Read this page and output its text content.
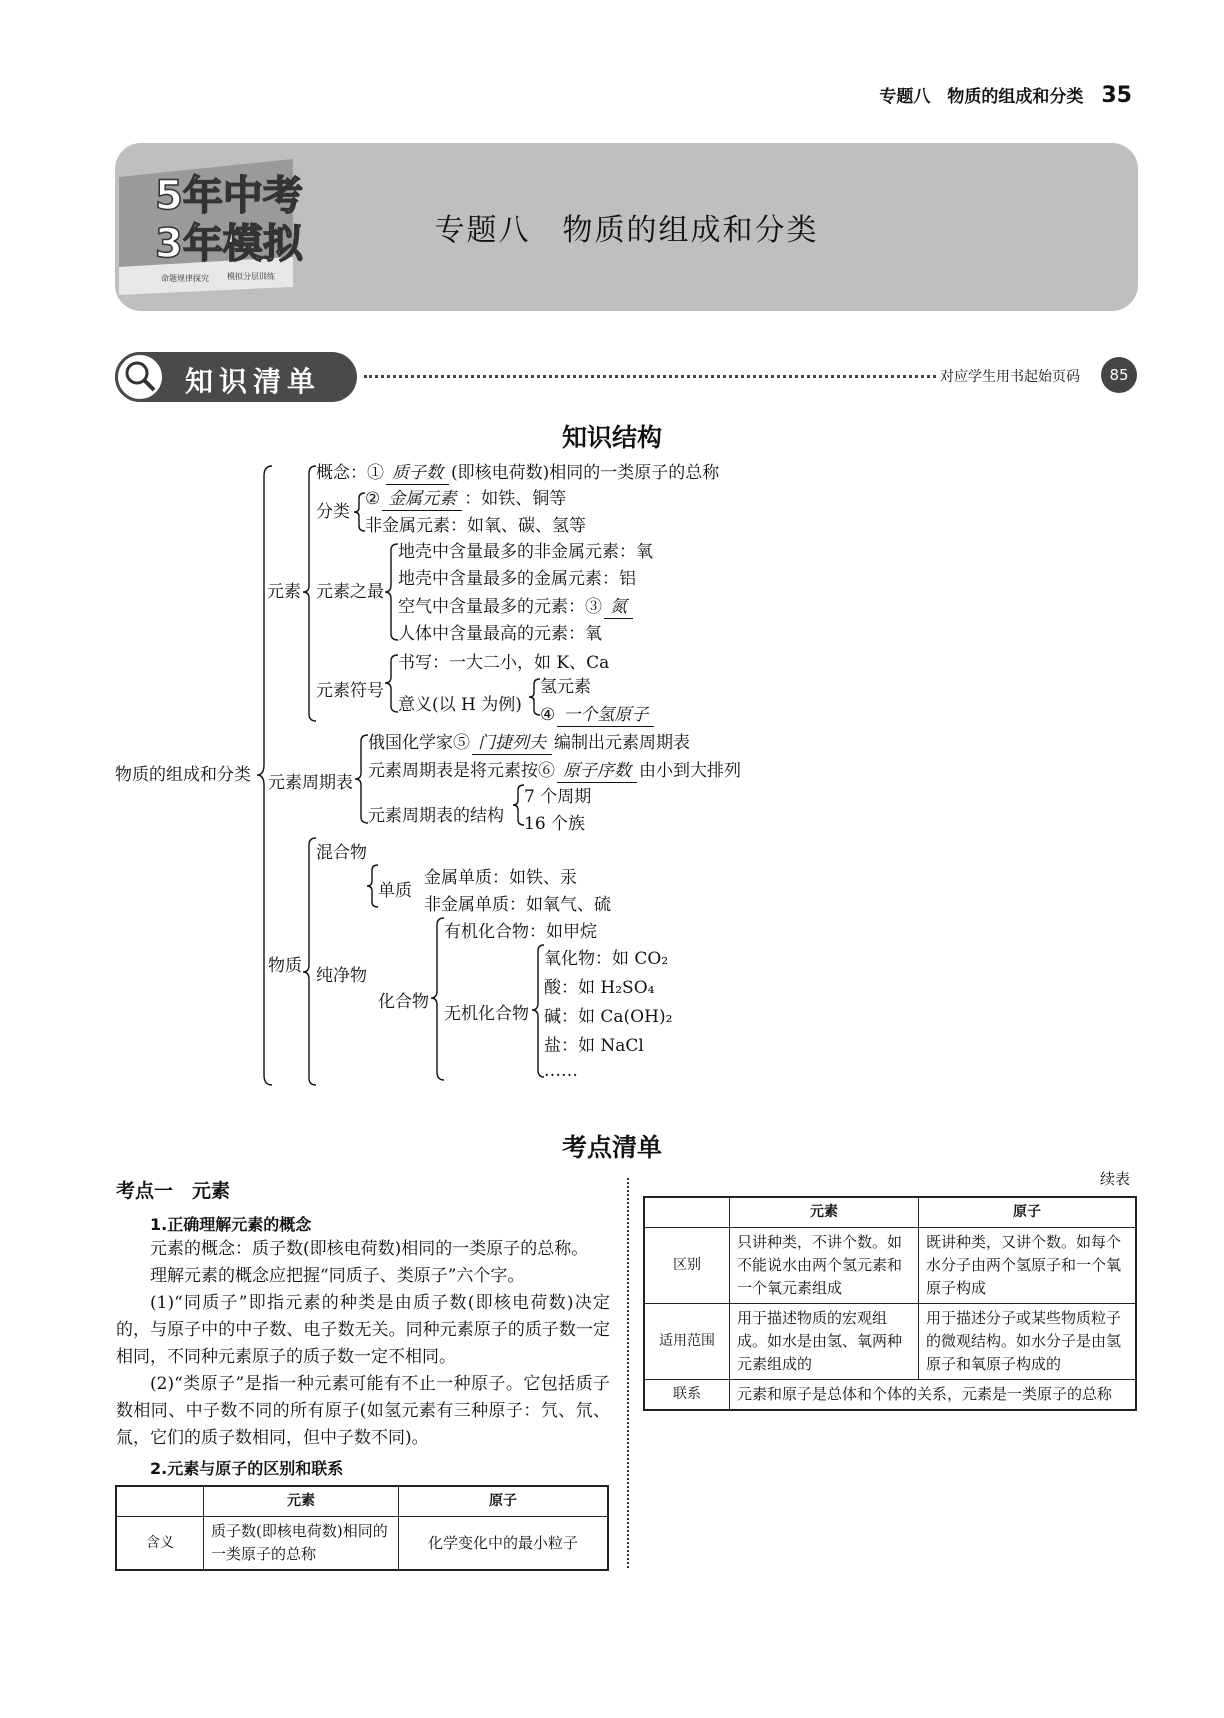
专题八　物质的组成和分类 35
5年中考
3年模拟
命题规律探究 模拟分层训练
专题八　物质的组成和分类
知识清单	对应学生用书起始页码	85
知识结构
物质的组成和分类
元素
概念：① 质子数 (即核电荷数)相同的一类原子的总称
分类
② 金属元素 ：如铁、铜等
非金属元素：如氧、碳、氢等
元素之最
地壳中含量最多的非金属元素：氧
地壳中含量最多的金属元素：铝
空气中含量最多的元素：③ 氮
人体中含量最高的元素：氧
元素符号
书写：一大二小，如 K、Ca
意义(以 H 为例)
氢元素
④ 一个氢原子
元素周期表
俄国化学家⑤ 门捷列夫 编制出元素周期表
元素周期表是将元素按⑥ 原子序数 由小到大排列
元素周期表的结构
7 个周期
16 个族
物质
混合物
纯净物
单质
金属单质：如铁、汞
非金属单质：如氧气、硫
化合物
有机化合物：如甲烷
无机化合物
氧化物：如 CO₂
酸：如 H₂SO₄
碱：如 Ca(OH)₂
盐：如 NaCl
……
考点清单
考点一　元素
1.正确理解元素的概念

元素的概念：质子数(即核电荷数)相同的一类原子的总称。

理解元素的概念应把握“同质子、类原子”六个字。

(1)“同质子”即指元素的种类是由质子数(即核电荷数)决定的，与原子中的中子数、电子数无关。同种元素原子的质子数一定相同，不同种元素原子的质子数一定不相同。

(2)“类原子”是指一种元素可能有不止一种原子。它包括质子数相同、中子数不同的所有原子(如氢元素有三种原子：氕、氘、氚，它们的质子数相同，但中子数不同)。

2.元素与原子的区别和联系
	元素	原子
含义	质子数(即核电荷数)相同的一类原子的总称	化学变化中的最小粒子
续表
	元素	原子
区别	只讲种类，不讲个数。如不能说水由两个氢元素和一个氧元素组成	既讲种类，又讲个数。如每个水分子由两个氢原子和一个氧原子构成
适用范围	用于描述物质的宏观组成。如水是由氢、氧两种元素组成的	用于描述分子或某些物质粒子的微观结构。如水分子是由氢原子和氧原子构成的
联系	元素和原子是总体和个体的关系，元素是一类原子的总称	
